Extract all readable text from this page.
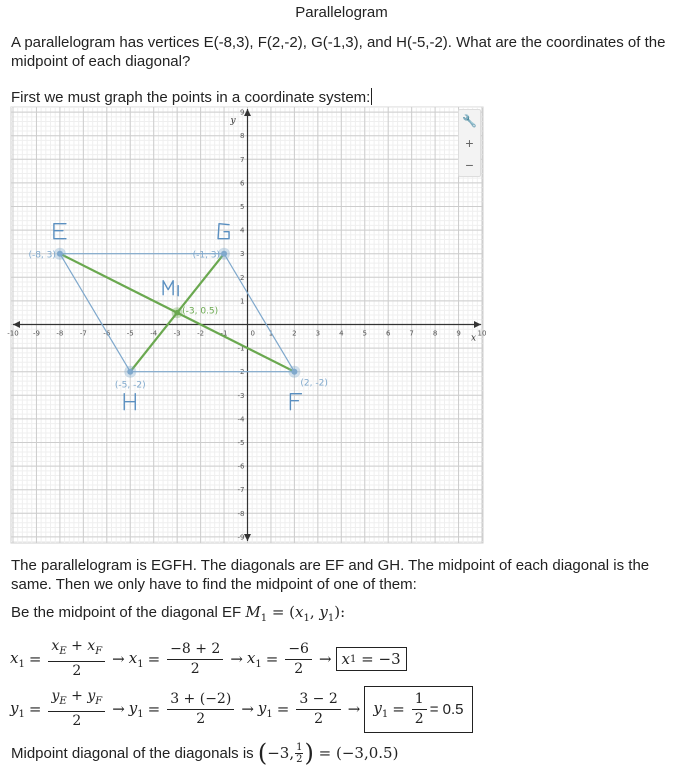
Parallelogram
A parallelogram has vertices E(-8,3), F(2,-2), G(-1,3), and H(-5,-2). What are the coordinates of the midpoint of each diagonal?
First we must graph the points in a coordinate system:
x
y
-10 -9 -8 -7 -6 -5 -4 -3 -2 -1	1	2	3	4	5	6	7	8	9 10
-9
-8
-7
-6
-5
-4
-3
-2
-1
1
2
3
4
5
6
7
8
9
0
(-8, 3)	(-1, 3)
(2, -2)
(-5, -2)
(-3, 0.5)
🔧
+
−
The parallelogram is EGFH. The diagonals are EF and GH. The midpoint of each diagonal is the same. Then we only have to find the midpoint of one of them:
Be the midpoint of the diagonal EF $M_1 = (x_1$, $y_1$):
$x_1 = \frac{x_E + x_F}{2} \to x_1 = \frac{-8 + 2}{2} \to x_1 = \frac{-6}{2} \to x$ 1 = −3
$y_1 = \frac{y_E + y_F}{2} \to y_1 = \frac{3 + (-2)}{2} \to y_1 = \frac{3 - 2}{2} \to y_1 = \frac{1}{2} = 0.5$
Midpoint diagonal of the diagonals is
( −3, $\frac{1}{2}$ )
= (−3,0.5)
